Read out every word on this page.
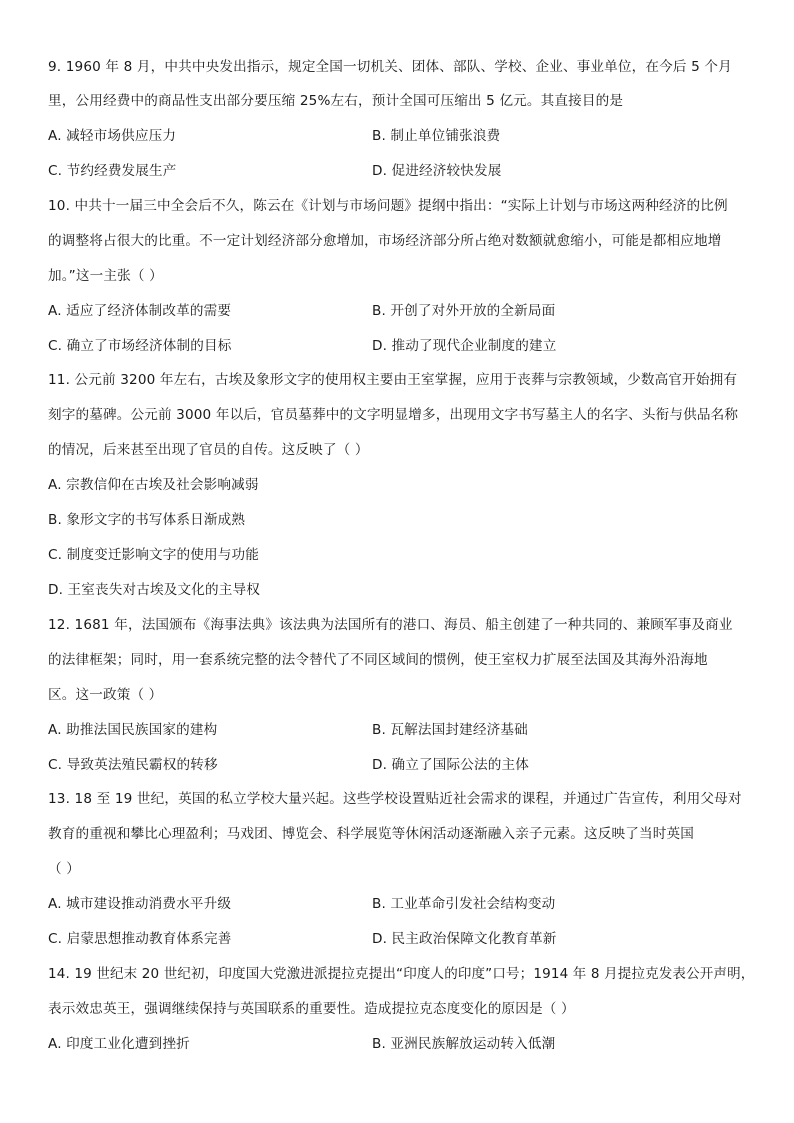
9. 1960 年 8 月，中共中央发出指示，规定全国一切机关、团体、部队、学校、企业、事业单位，在今后 5 个月
里，公用经费中的商品性支出部分要压缩 25%左右，预计全国可压缩出 5 亿元。其直接目的是
A. 减轻市场供应压力	B. 制止单位铺张浪费
C. 节约经费发展生产	D. 促进经济较快发展
10. 中共十一届三中全会后不久，陈云在《计划与市场问题》提纲中指出：“实际上计划与市场这两种经济的比例
的调整将占很大的比重。不一定计划经济部分愈增加，市场经济部分所占绝对数额就愈缩小，可能是都相应地增
加。”这一主张（ ）
A. 适应了经济体制改革的需要	B. 开创了对外开放的全新局面
C. 确立了市场经济体制的目标	D. 推动了现代企业制度的建立
11. 公元前 3200 年左右，古埃及象形文字的使用权主要由王室掌握，应用于丧葬与宗教领域，少数高官开始拥有
刻字的墓碑。公元前 3000 年以后，官员墓葬中的文字明显增多，出现用文字书写墓主人的名字、头衔与供品名称
的情况，后来甚至出现了官员的自传。这反映了（ ）
A. 宗教信仰在古埃及社会影响减弱
B. 象形文字的书写体系日渐成熟
C. 制度变迁影响文字的使用与功能
D. 王室丧失对古埃及文化的主导权
12. 1681 年，法国颁布《海事法典》该法典为法国所有的港口、海员、船主创建了一种共同的、兼顾军事及商业
的法律框架；同时，用一套系统完整的法令替代了不同区域间的惯例，使王室权力扩展至法国及其海外沿海地
区。这一政策（ ）
A. 助推法国民族国家的建构	B. 瓦解法国封建经济基础
C. 导致英法殖民霸权的转移	D. 确立了国际公法的主体
13. 18 至 19 世纪，英国的私立学校大量兴起。这些学校设置贴近社会需求的课程，并通过广告宣传，利用父母对
教育的重视和攀比心理盈利；马戏团、博览会、科学展览等休闲活动逐渐融入亲子元素。这反映了当时英国
（ ）
A. 城市建设推动消费水平升级	B. 工业革命引发社会结构变动
C. 启蒙思想推动教育体系完善	D. 民主政治保障文化教育革新
14. 19 世纪末 20 世纪初，印度国大党激进派提拉克提出“印度人的印度”口号；1914 年 8 月提拉克发表公开声明，
表示效忠英王，强调继续保持与英国联系的重要性。造成提拉克态度变化的原因是（ ）
A. 印度工业化遭到挫折	B. 亚洲民族解放运动转入低潮
